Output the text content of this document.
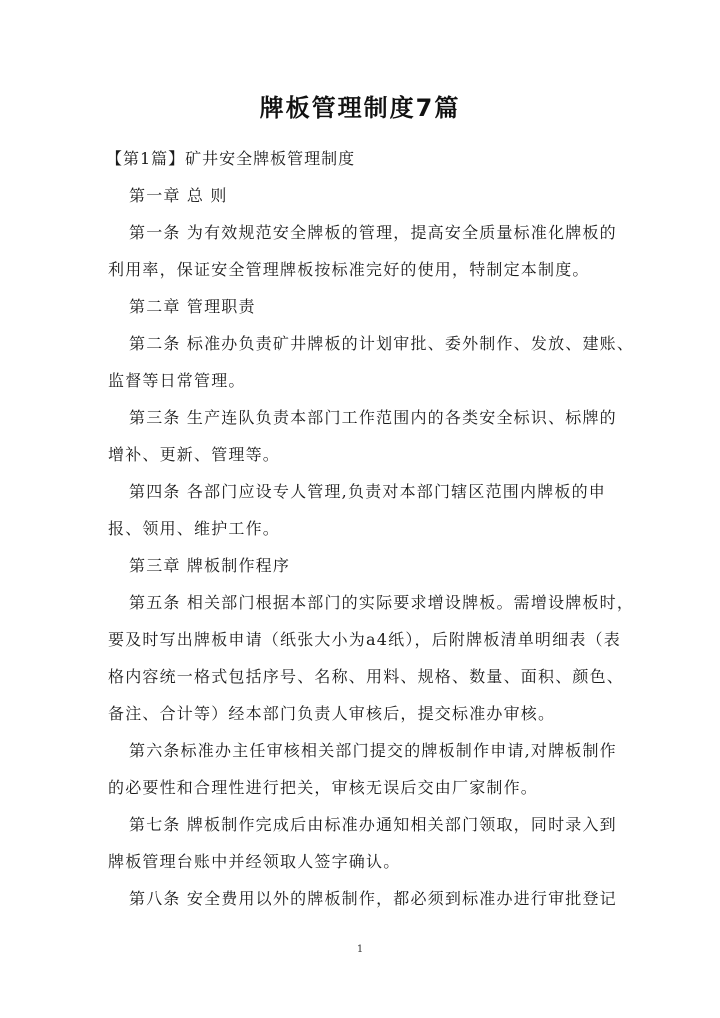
牌板管理制度7篇
【第1篇】矿井安全牌板管理制度
第一章 总 则
第一条 为有效规范安全牌板的管理，提高安全质量标准化牌板的
利用率，保证安全管理牌板按标准完好的使用，特制定本制度。
第二章 管理职责
第二条 标准办负责矿井牌板的计划审批、委外制作、发放、建账、
监督等日常管理。
第三条 生产连队负责本部门工作范围内的各类安全标识、标牌的
增补、更新、管理等。
第四条 各部门应设专人管理,负责对本部门辖区范围内牌板的申
报、领用、维护工作。
第三章 牌板制作程序
第五条 相关部门根据本部门的实际要求增设牌板。需增设牌板时，
要及时写出牌板申请（纸张大小为a4纸），后附牌板清单明细表（表
格内容统一格式包括序号、名称、用料、规格、数量、面积、颜色、
备注、合计等）经本部门负责人审核后，提交标准办审核。
第六条标准办主任审核相关部门提交的牌板制作申请,对牌板制作
的必要性和合理性进行把关，审核无误后交由厂家制作。
第七条 牌板制作完成后由标准办通知相关部门领取，同时录入到
牌板管理台账中并经领取人签字确认。
第八条 安全费用以外的牌板制作，都必须到标准办进行审批登记
1
